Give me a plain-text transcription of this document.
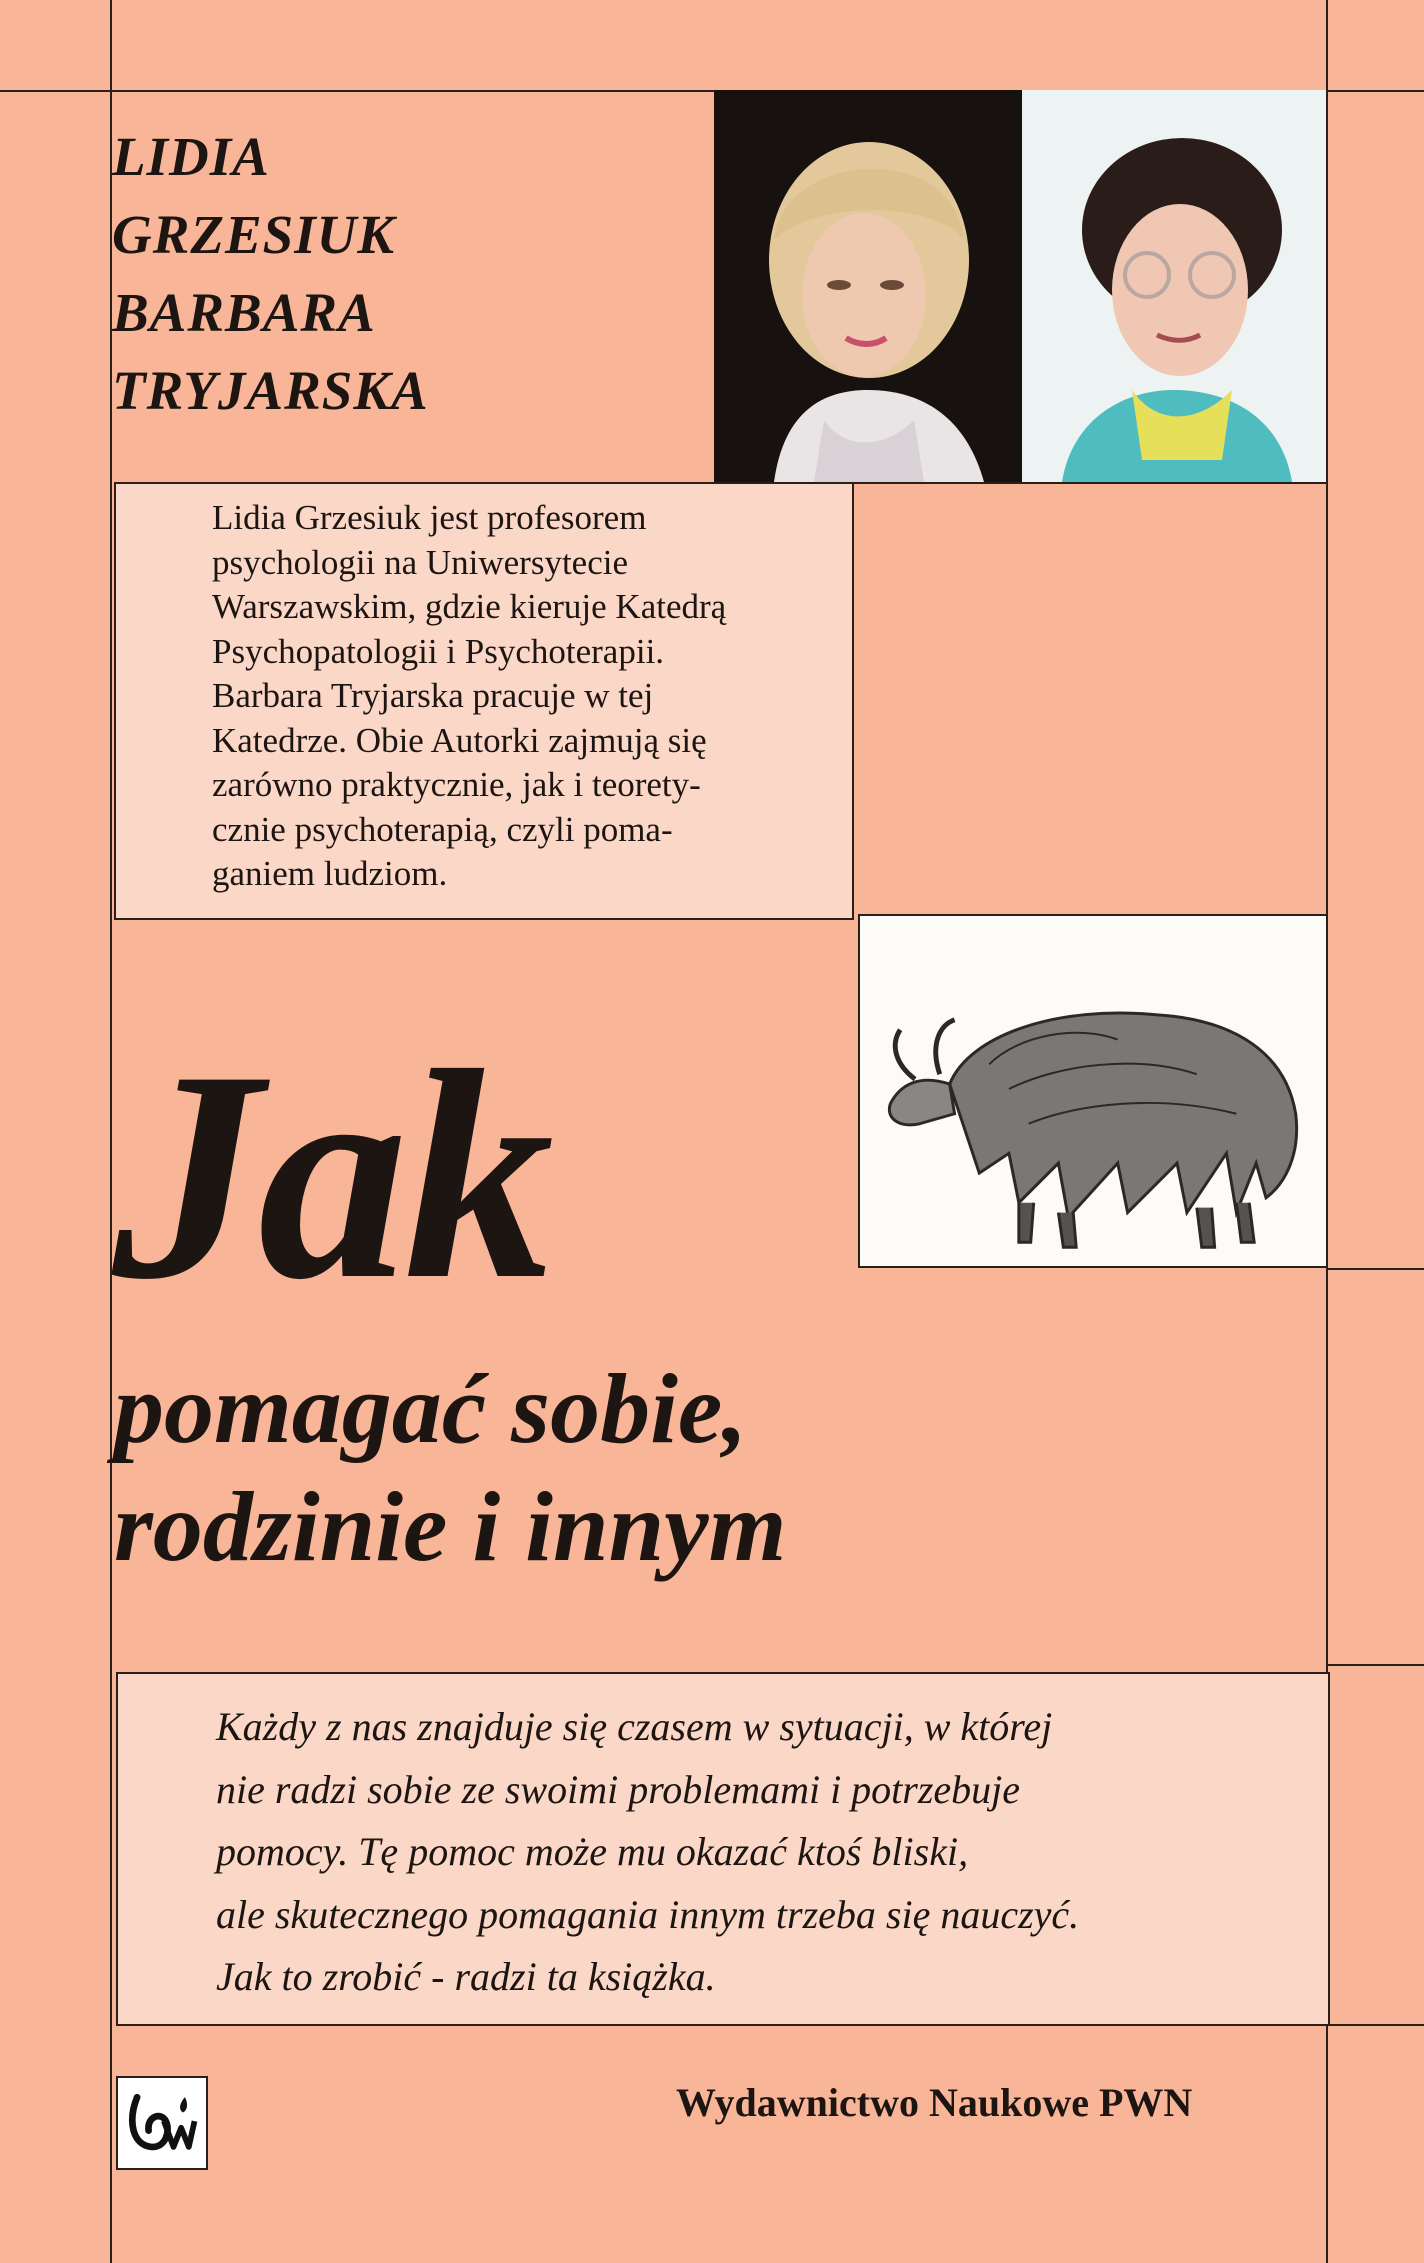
LIDIA
GRZESIUK
BARBARA
TRYJARSKA
Lidia Grzesiuk jest profesorem
psychologii na Uniwersytecie
Warszawskim, gdzie kieruje Katedrą
Psychopatologii i Psychoterapii.
Barbara Tryjarska pracuje w tej
Katedrze. Obie Autorki zajmują się
zarówno praktycznie, jak i teorety-
cznie psychoterapią, czyli poma-
ganiem ludziom.
Jak
pomagać sobie,
rodzinie i innym
Każdy z nas znajduje się czasem w sytuacji, w której
nie radzi sobie ze swoimi problemami i potrzebuje
pomocy. Tę pomoc może mu okazać ktoś bliski,
ale skutecznego pomagania innym trzeba się nauczyć.
Jak to zrobić - radzi ta książka.
Wydawnictwo Naukowe PWN
